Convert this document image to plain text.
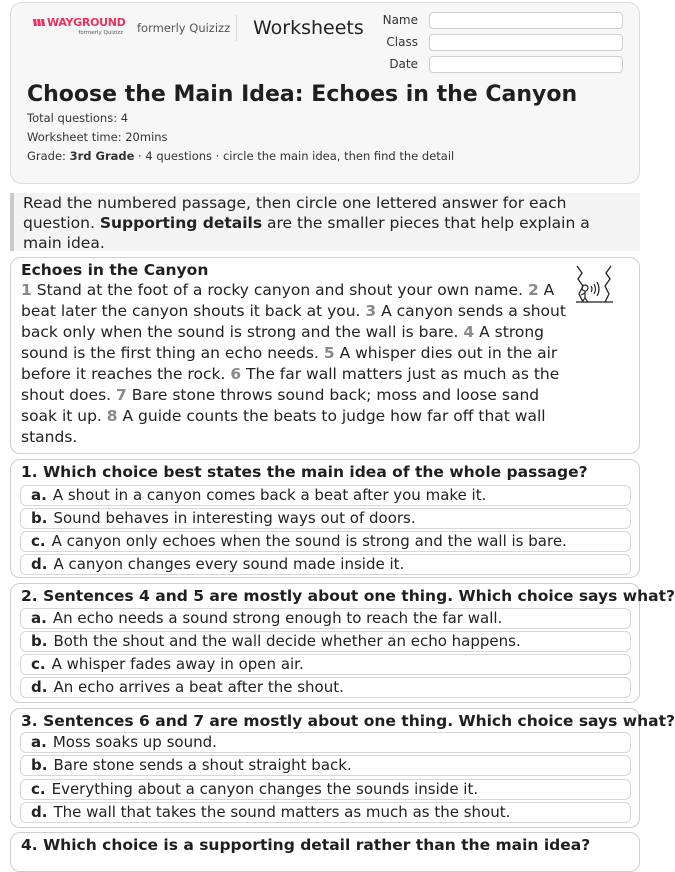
WAYGROUND
formerly Quizizz formerly Quizizz Worksheets	Name
Class
Date
Choose the Main Idea: Echoes in the Canyon
Total questions: 4
Worksheet time: 20mins
Grade: 3rd Grade · 4 questions · circle the main idea, then find the detail
Read the numbered passage, then circle one lettered answer for each question. Supporting details are the smaller pieces that help explain a main idea.
Echoes in the Canyon
1 Stand at the foot of a rocky canyon and shout your own name. 2 A beat later the canyon shouts it back at you. 3 A canyon sends a shout back only when the sound is strong and the wall is bare. 4 A strong sound is the first thing an echo needs. 5 A whisper dies out in the air before it reaches the rock. 6 The far wall matters just as much as the shout does. 7 Bare stone throws sound back; moss and loose sand soak it up. 8 A guide counts the beats to judge how far off that wall stands.
1. Which choice best states the main idea of the whole passage?
a. A shout in a canyon comes back a beat after you make it.
b. Sound behaves in interesting ways out of doors.
c. A canyon only echoes when the sound is strong and the wall is bare.
d. A canyon changes every sound made inside it.
2. Sentences 4 and 5 are mostly about one thing. Which choice says what?
a. An echo needs a sound strong enough to reach the far wall.
b. Both the shout and the wall decide whether an echo happens.
c. A whisper fades away in open air.
d. An echo arrives a beat after the shout.
3. Sentences 6 and 7 are mostly about one thing. Which choice says what?
a. Moss soaks up sound.
b. Bare stone sends a shout straight back.
c. Everything about a canyon changes the sounds inside it.
d. The wall that takes the sound matters as much as the shout.
4. Which choice is a supporting detail rather than the main idea?
